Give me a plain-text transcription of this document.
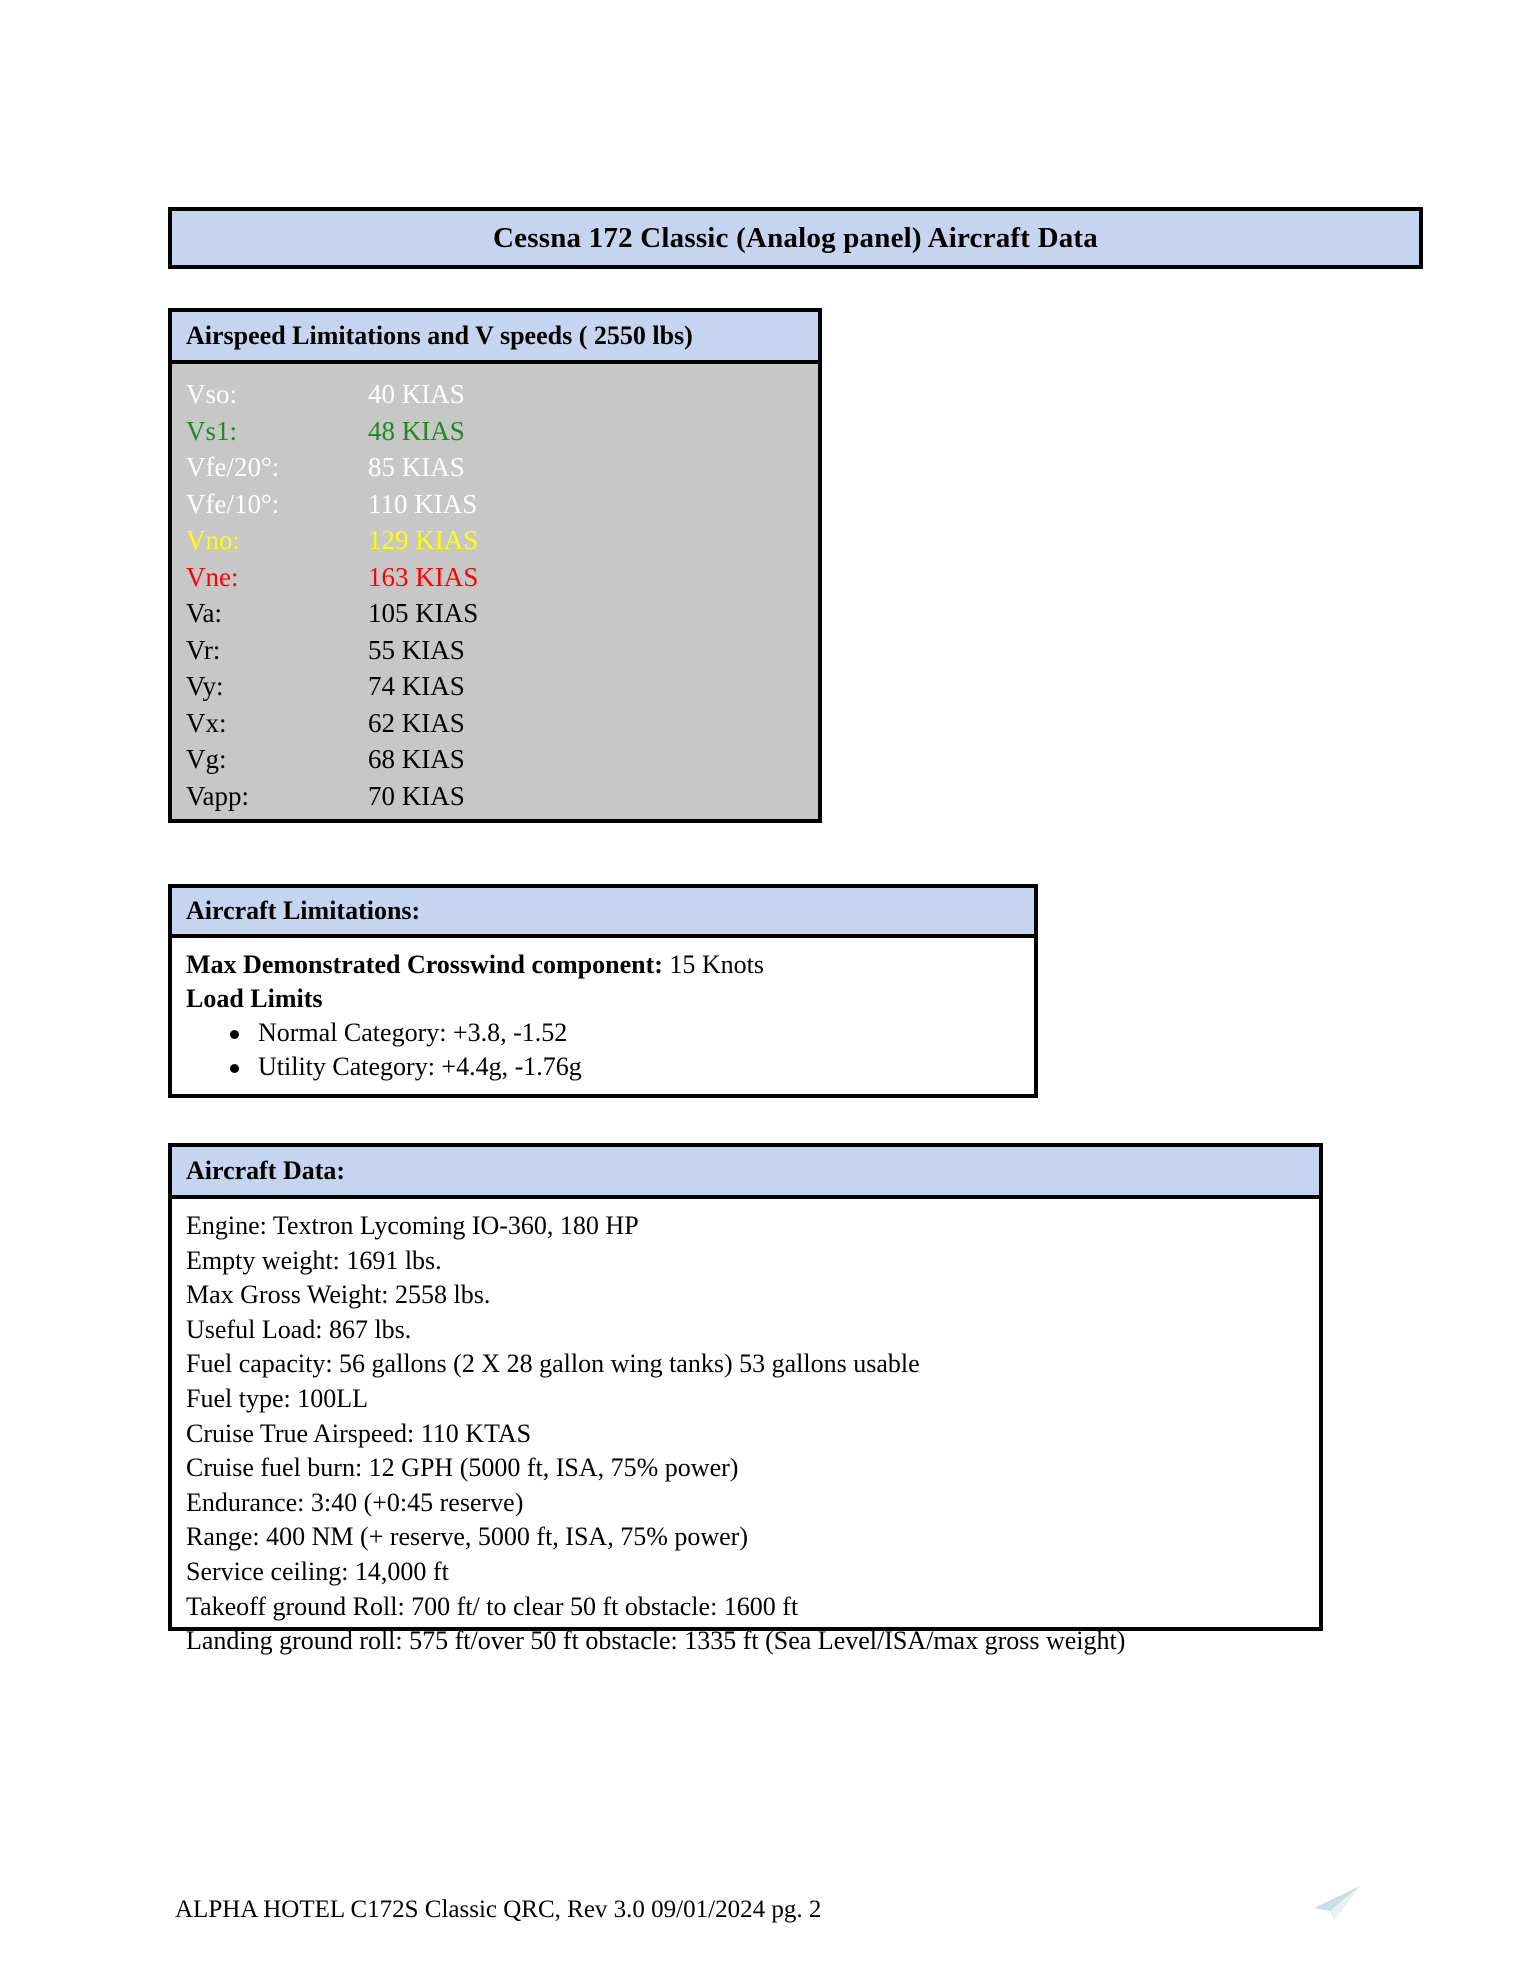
Cessna 172 Classic (Analog panel) Aircraft Data
Airspeed Limitations and V speeds ( 2550 lbs)
Vso:	40 KIAS
Vs1:	48 KIAS
Vfe/20°:	85 KIAS
Vfe/10°:	110 KIAS
Vno:	129 KIAS
Vne:	163 KIAS
Va:	105 KIAS
Vr:	55 KIAS
Vy:	74 KIAS
Vx:	62 KIAS
Vg:	68 KIAS
Vapp:	70 KIAS
Aircraft Limitations:
Max Demonstrated Crosswind component: 15 Knots
Load Limits
Normal Category: +3.8, -1.52
Utility Category: +4.4g, -1.76g
Aircraft Data:
Engine: Textron Lycoming IO-360, 180 HP
Empty weight: 1691 lbs.
Max Gross Weight: 2558 lbs.
Useful Load: 867 lbs.
Fuel capacity: 56 gallons (2 X 28 gallon wing tanks) 53 gallons usable
Fuel type: 100LL
Cruise True Airspeed: 110 KTAS
Cruise fuel burn: 12 GPH (5000 ft, ISA, 75% power)
Endurance: 3:40 (+0:45 reserve)
Range: 400 NM (+ reserve, 5000 ft, ISA, 75% power)
Service ceiling: 14,000 ft
Takeoff ground Roll: 700 ft/ to clear 50 ft obstacle: 1600 ft
Landing ground roll: 575 ft/over 50 ft obstacle: 1335 ft (Sea Level/ISA/max gross weight)
ALPHA HOTEL C172S Classic QRC, Rev 3.0 09/01/2024 pg. 2
